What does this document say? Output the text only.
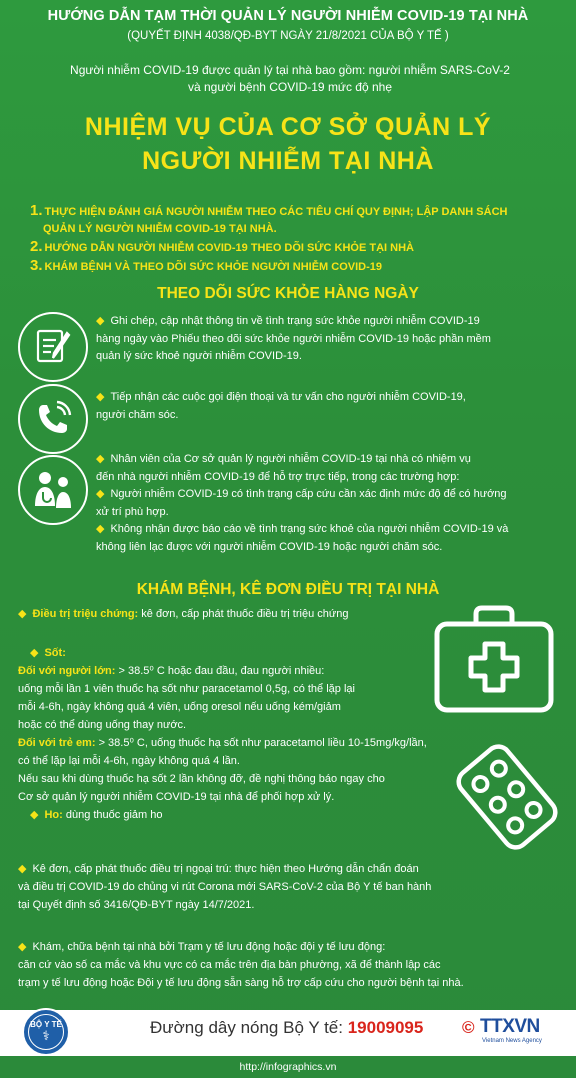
HƯỚNG DẪN TẠM THỜI QUẢN LÝ NGƯỜI NHIỄM COVID-19 TẠI NHÀ
(QUYẾT ĐỊNH 4038/QĐ-BYT NGÀY 21/8/2021 CỦA BỘ Y TẾ )
Người nhiễm COVID-19 được quản lý tại nhà bao gồm: người nhiễm SARS-CoV-2
và người bệnh COVID-19 mức độ nhẹ
NHIỆM VỤ CỦA CƠ SỞ QUẢN LÝ
NGƯỜI NHIỄM TẠI NHÀ
1. THỰC HIỆN ĐÁNH GIÁ NGƯỜI NHIỄM THEO CÁC TIÊU CHÍ QUY ĐỊNH; LẬP DANH SÁCH
QUẢN LÝ NGƯỜI NHIỄM COVID-19 TẠI NHÀ.
2. HƯỚNG DẪN NGƯỜI NHIỄM COVID-19 THEO DÕI SỨC KHỎE TẠI NHÀ
3. KHÁM BỆNH VÀ THEO DÕI SỨC KHỎE NGƯỜI NHIỄM COVID-19
THEO DÕI SỨC KHỎE HÀNG NGÀY
◆ Ghi chép, cập nhật thông tin về tình trạng sức khỏe người nhiễm COVID-19
hàng ngày vào Phiếu theo dõi sức khỏe người nhiễm COVID-19 hoặc phần mềm
quản lý sức khoẻ người nhiễm COVID-19.
◆ Tiếp nhận các cuộc gọi điện thoại và tư vấn cho người nhiễm COVID-19,
người chăm sóc.
◆ Nhân viên của Cơ sở quản lý người nhiễm COVID-19 tại nhà có nhiệm vụ
đến nhà người nhiễm COVID-19 để hỗ trợ trực tiếp, trong các trường hợp:
◆ Người nhiễm COVID-19 có tình trạng cấp cứu cần xác định mức độ để có hướng
xử trí phù hợp.
◆ Không nhận được báo cáo về tình trạng sức khoẻ của người nhiễm COVID-19 và
không liên lạc được với người nhiễm COVID-19 hoặc người chăm sóc.
KHÁM BỆNH, KÊ ĐƠN ĐIỀU TRỊ TẠI NHÀ
◆ Điều trị triệu chứng: kê đơn, cấp phát thuốc điều trị triệu chứng
◆ Sốt:
Đối với người lớn: > 38.5⁰ C hoặc đau đầu, đau người nhiều:
uống mỗi lần 1 viên thuốc hạ sốt như paracetamol 0,5g, có thể lặp lại
mỗi 4-6h, ngày không quá 4 viên, uống oresol nếu uống kém/giảm
hoặc có thể dùng uống thay nước.
Đối với trẻ em: > 38.5⁰ C, uống thuốc hạ sốt như paracetamol liều 10-15mg/kg/lần,
có thể lặp lại mỗi 4-6h, ngày không quá 4 lần.
Nếu sau khi dùng thuốc hạ sốt 2 lần không đỡ, đề nghị thông báo ngay cho
Cơ sở quản lý người nhiễm COVID-19 tại nhà để phối hợp xử lý.
◆ Ho: dùng thuốc giảm ho
◆ Kê đơn, cấp phát thuốc điều trị ngoại trú: thực hiện theo Hướng dẫn chẩn đoán
và điều trị COVID-19 do chủng vi rút Corona mới SARS-CoV-2 của Bộ Y tế ban hành
tại Quyết định số 3416/QĐ-BYT ngày 14/7/2021.
◆ Khám, chữa bệnh tại nhà bởi Trạm y tế lưu động hoặc đội y tế lưu động:
căn cứ vào số ca mắc và khu vực có ca mắc trên địa bàn phường, xã để thành lập các
trạm y tế lưu động hoặc Đội y tế lưu động sẵn sàng hỗ trợ cấp cứu cho người bệnh tại nhà.
BỘ Y TẾ
⚕	Đường dây nóng Bộ Y tế: 19009095 © TTXVN
Vietnam News Agency
http://infographics.vn
